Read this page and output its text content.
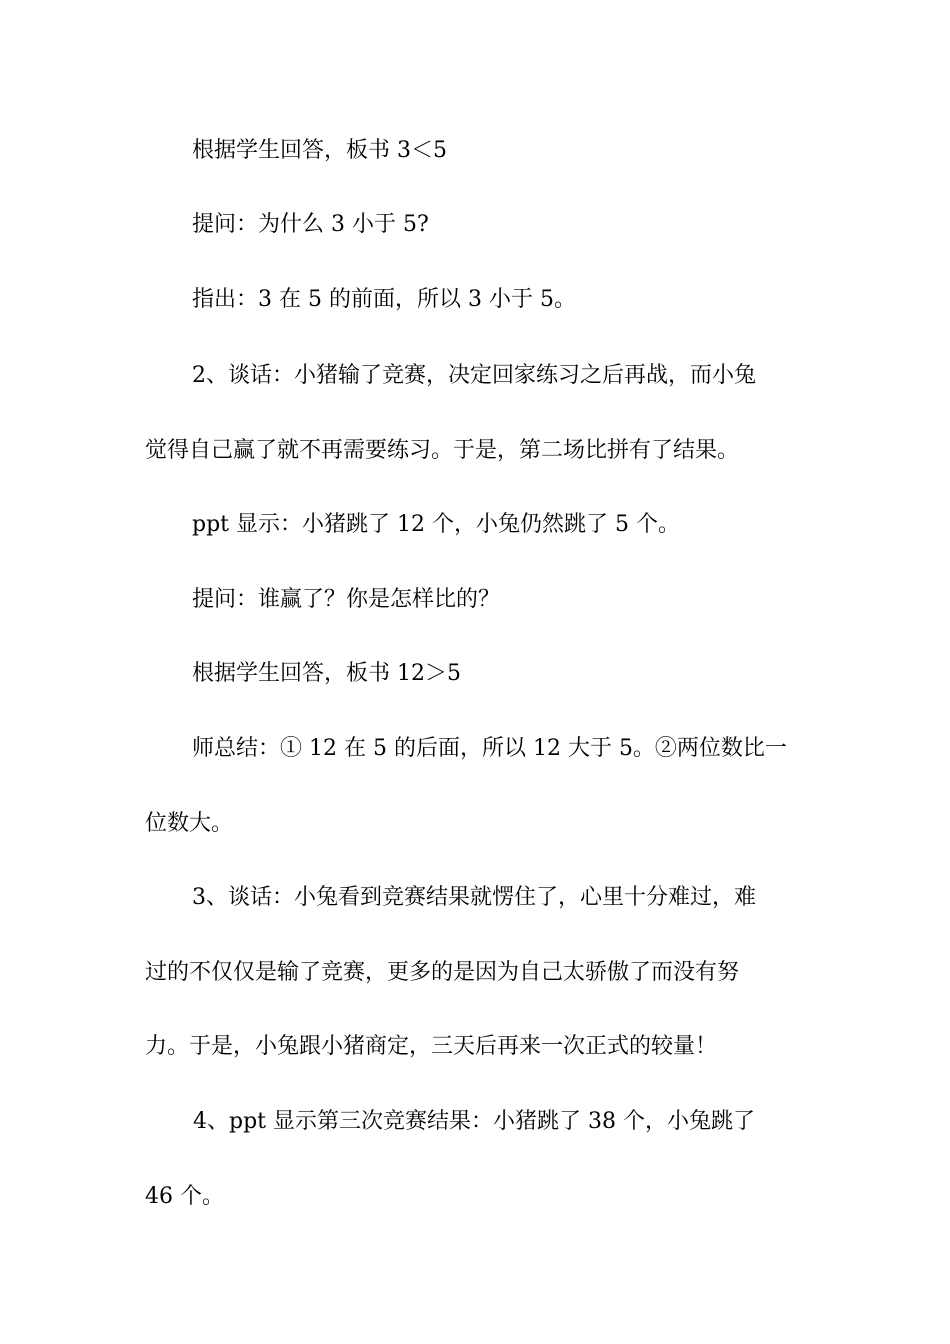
根据学生回答，板书 3＜5
提问：为什么 3 小于 5?
指出：3 在 5 的前面，所以 3 小于 5。
2、谈话：小猪输了竞赛，决定回家练习之后再战，而小兔
觉得自己赢了就不再需要练习。于是，第二场比拼有了结果。
ppt 显示：小猪跳了 12 个，小兔仍然跳了 5 个。
提问：谁赢了？你是怎样比的？
根据学生回答，板书 12＞5
师总结：① 12 在 5 的后面，所以 12 大于 5。②两位数比一
位数大。
3、谈话：小兔看到竞赛结果就愣住了，心里十分难过，难
过的不仅仅是输了竞赛，更多的是因为自己太骄傲了而没有努
力。于是，小兔跟小猪商定，三天后再来一次正式的较量！
4、ppt 显示第三次竞赛结果：小猪跳了 38 个，小兔跳了
46 个。
